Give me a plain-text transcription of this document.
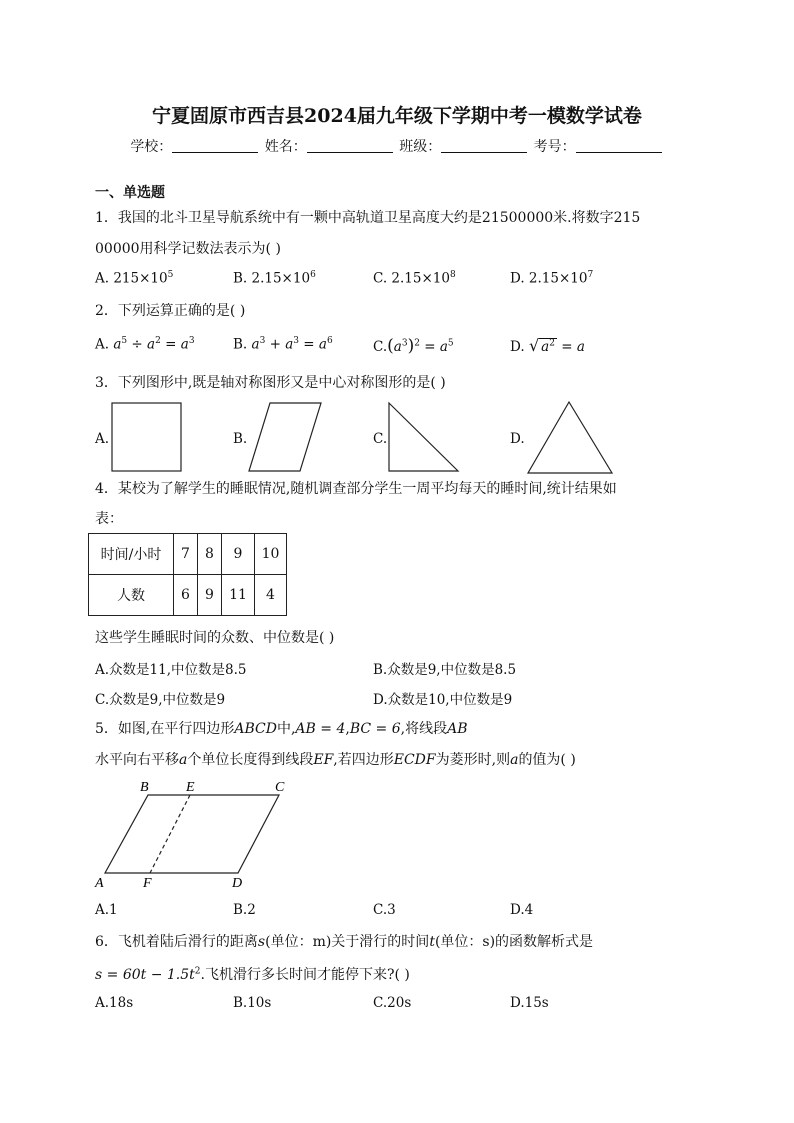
宁夏固原市西吉县2024届九年级下学期中考一模数学试卷
学校：	姓名：	班级：	考号：
一、单选题
1．我国的北斗卫星导航系统中有一颗中高轨道卫星高度大约是21500000米.将数字215
00000用科学记数法表示为( )
A. $215\times 10^5$	B. $2.15\times 10^6$	C. $2.15\times 10^8$	D. $2.15\times 10^7$
2．下列运算正确的是( )
A. $a^5 \div a^2 = a^3$	B. $a^3 + a^3 = a^6$	$C.(a^3)^2 = a^5$	D. √ $a^2 = a$
3．下列图形中,既是轴对称图形又是中心对称图形的是( )
A.	B.	C.	D.
4．某校为了解学生的睡眠情况,随机调查部分学生一周平均每天的睡时间,统计结果如
表：
时间/小时	7	8	9	10
人数	6	9	11	4
这些学生睡眠时间的众数、中位数是( )
A.众数是11,中位数是8.5	B.众数是9,中位数是8.5
C.众数是9,中位数是9	D.众数是10,中位数是9
5．如图,在平行四边形ABCD中,AB = 4,BC = 6,将线段AB
水平向右平移a个单位长度得到线段EF,若四边形ECDF为菱形时,则a的值为( )
B	E	C
A	F	D
A.1	B.2	C.3	D.4
6．飞机着陆后滑行的距离s(单位：m)关于滑行的时间t(单位：s)的函数解析式是
$s = 60t - 1.5t^2$.飞机滑行多长时间才能停下来?( )
A.18s	B.10s	C.20s	D.15s
